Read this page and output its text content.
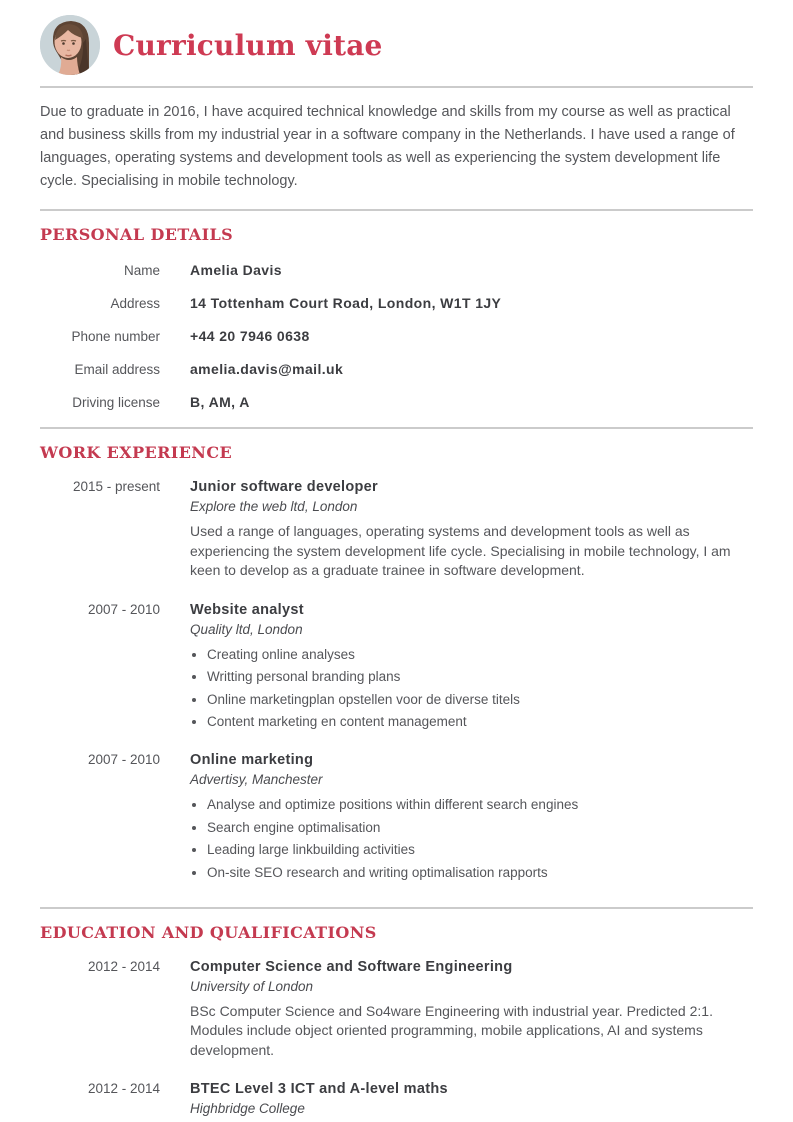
Curriculum vitae

Due to graduate in 2016, I have acquired technical knowledge and skills from my course as well as practical and business skills from my industrial year in a software company in the Netherlands. I have used a range of languages, operating systems and development tools as well as experiencing the system development life cycle. Specialising in mobile technology.

PERSONAL DETAILS
Name	Amelia Davis
Address	14 Tottenham Court Road, London, W1T 1JY
Phone number	+44 20 7946 0638
Email address	amelia.davis@mail.uk
Driving license	B, AM, A
WORK EXPERIENCE
2015 - present Junior software developer

Explore the web ltd, London

Used a range of languages, operating systems and development tools as well as experiencing the system development life cycle. Specialising in mobile technology, I am keen to develop as a graduate trainee in software development.

2007 - 2010 Website analyst

Quality ltd, London

• Creating online analyses
• Writting personal branding plans
• Online marketingplan opstellen voor de diverse titels
• Content marketing en content management
2007 - 2010 Online marketing

Advertisy, Manchester

• Analyse and optimize positions within different search engines
• Search engine optimalisation
• Leading large linkbuilding activities
• On-site SEO research and writing optimalisation rapports
EDUCATION AND QUALIFICATIONS
2012 - 2014 Computer Science and Software Engineering

University of London

BSc Computer Science and So4ware Engineering with industrial year. Predicted 2:1. Modules include object oriented programming, mobile applications, AI and systems development.

2012 - 2014 BTEC Level 3 ICT and A-level maths

Highbridge College
